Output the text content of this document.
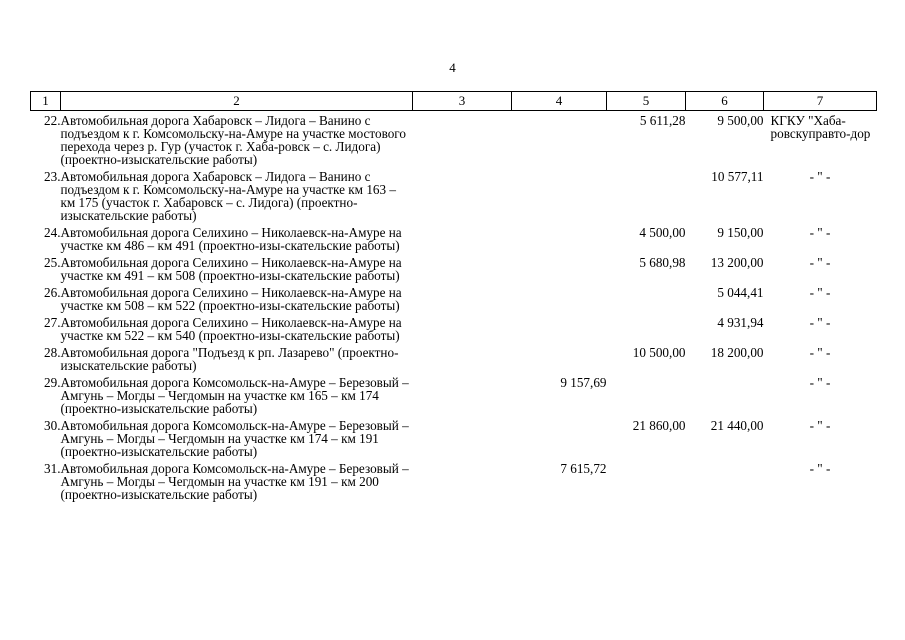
4
1	2	3	4	5	6	7
22.	Автомобильная дорога Хабаровск – Лидога – Ванино с подъездом к г. Комсомольску-на-Амуре на участке мостового перехода через р. Гур (участок г. Хаба-ровск – с. Лидога) (проектно-изыскательские работы)			5 611,28	9 500,00	КГКУ "Хаба-ровскуправто-дор
23.	Автомобильная дорога Хабаровск – Лидога – Ванино с подъездом к г. Комсомольску-на-Амуре на участке км 163 – км 175 (участок г. Хабаровск – с. Лидога) (проектно-изыскательские работы)				10 577,11	- " -
24.	Автомобильная дорога Селихино – Николаевск-на-Амуре на участке км 486 – км 491 (проектно-изы-скательские работы)			4 500,00	9 150,00	- " -
25.	Автомобильная дорога Селихино – Николаевск-на-Амуре на участке км 491 – км 508 (проектно-изы-скательские работы)			5 680,98	13 200,00	- " -
26.	Автомобильная дорога Селихино – Николаевск-на-Амуре на участке км 508 – км 522 (проектно-изы-скательские работы)				5 044,41	- " -
27.	Автомобильная дорога Селихино – Николаевск-на-Амуре на участке км 522 – км 540 (проектно-изы-скательские работы)				4 931,94	- " -
28.	Автомобильная дорога "Подъезд к рп. Лазарево" (проектно-изыскательские работы)			10 500,00	18 200,00	- " -
29.	Автомобильная дорога Комсомольск-на-Амуре – Березовый – Амгунь – Могды – Чегдомын на участке км 165 – км 174 (проектно-изыскательские работы)		9 157,69			- " -
30.	Автомобильная дорога Комсомольск-на-Амуре – Березовый – Амгунь – Могды – Чегдомын на участке км 174 – км 191 (проектно-изыскательские работы)			21 860,00	21 440,00	- " -
31.	Автомобильная дорога Комсомольск-на-Амуре – Березовый – Амгунь – Могды – Чегдомын на участке км 191 – км 200 (проектно-изыскательские работы)		7 615,72			- " -
